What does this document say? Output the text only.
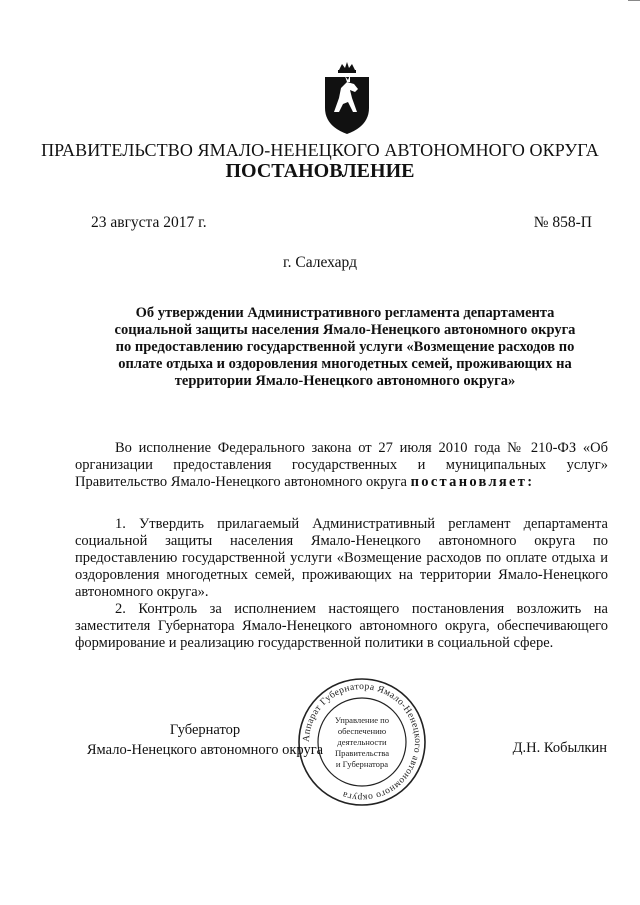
ПРАВИТЕЛЬСТВО ЯМАЛО-НЕНЕЦКОГО АВТОНОМНОГО ОКРУГА
ПОСТАНОВЛЕНИЕ
23 августа 2017 г.	№ 858-П
г. Салехард
Об утверждении Административного регламента департамента социальной защиты населения Ямало-Ненецкого автономного округа по предоставлению государственной услуги «Возмещение расходов по оплате отдыха и оздоровления многодетных семей, проживающих на территории Ямало-Ненецкого автономного округа»

Во исполнение Федерального закона от 27 июля 2010 года № 210-ФЗ «Об организации предоставления государственных и муниципальных услуг» Правительство Ямало-Ненецкого автономного округа постановляет:

1. Утвердить прилагаемый Административный регламент департамента социальной защиты населения Ямало-Ненецкого автономного округа по предоставлению государственной услуги «Возмещение расходов по оплате отдыха и оздоровления многодетных семей, проживающих на территории Ямало-Ненецкого автономного округа».

2. Контроль за исполнением настоящего постановления возложить на заместителя Губернатора Ямало-Ненецкого автономного округа, обеспечивающего формирование и реализацию государственной политики в социальной сфере.

Аппарат Губернатора Ямало-Ненецкого автономного округа
Управление по
обеспечению
деятельности
Правительства
и Губернатора
Губернатор
Ямало-Ненецкого автономного округа	Д.Н. Кобылкин
